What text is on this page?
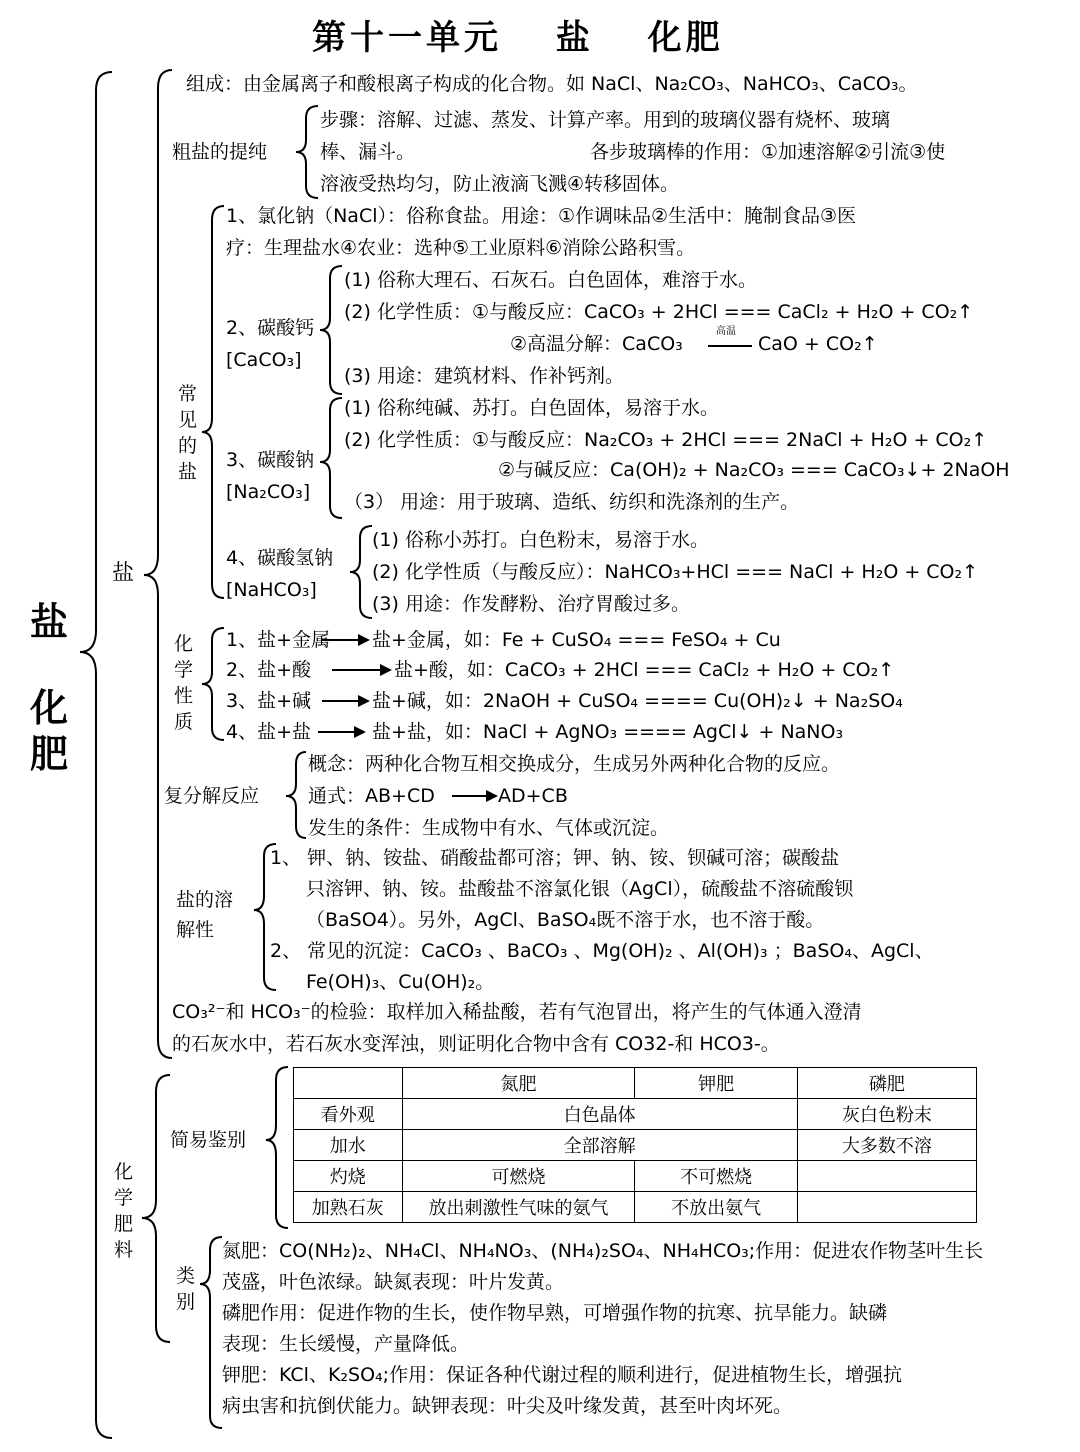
第十一单元　 盐　 化肥
盐
化
肥
盐
组成：由金属离子和酸根离子构成的化合物。如 NaCl、Na₂CO₃、NaHCO₃、CaCO₃。
粗盐的提纯
步骤：溶解、过滤、蒸发、计算产率。用到的玻璃仪器有烧杯、玻璃
棒、漏斗。	各步玻璃棒的作用：①加速溶解②引流③使
溶液受热均匀，防止液滴飞溅④转移固体。
常
见
的
盐
1、氯化钠（NaCl）：俗称食盐。用途：①作调味品②生活中：腌制食品③医
疗：生理盐水④农业：选种⑤工业原料⑥消除公路积雪。
2、碳酸钙
[CaCO₃]
(1) 俗称大理石、石灰石。白色固体，难溶于水。
(2) 化学性质：①与酸反应：CaCO₃ + 2HCl === CaCl₂ + H₂O + CO₂↑
②高温分解：CaCO₃
高温
CaO + CO₂↑
(3) 用途：建筑材料、作补钙剂。
3、碳酸钠
[Na₂CO₃]
(1) 俗称纯碱、苏打。白色固体，易溶于水。
(2) 化学性质：①与酸反应：Na₂CO₃ + 2HCl === 2NaCl + H₂O + CO₂↑
②与碱反应：Ca(OH)₂ + Na₂CO₃ === CaCO₃↓+ 2NaOH
（3） 用途：用于玻璃、造纸、纺织和洗涤剂的生产。
4、碳酸氢钠
[NaHCO₃]
(1) 俗称小苏打。白色粉末，易溶于水。
(2) 化学性质（与酸反应）：NaHCO₃+HCl === NaCl + H₂O + CO₂↑
(3) 用途：作发酵粉、治疗胃酸过多。
化
学
性
质
1、盐+金属 盐+金属，如：Fe + CuSO₄ === FeSO₄ + Cu
2、盐+酸	盐+酸，如：CaCO₃ + 2HCl === CaCl₂ + H₂O + CO₂↑
3、盐+碱	盐+碱，如：2NaOH + CuSO₄ ==== Cu(OH)₂↓ + Na₂SO₄
4、盐+盐	盐+盐，如：NaCl + AgNO₃ ==== AgCl↓ + NaNO₃
复分解反应
概念：两种化合物互相交换成分，生成另外两种化合物的反应。
通式：AB+CD	AD+CB
发生的条件：生成物中有水、气体或沉淀。
盐的溶
解性
1、 钾、钠、铵盐、硝酸盐都可溶；钾、钠、铵、钡碱可溶；碳酸盐
只溶钾、钠、铵。盐酸盐不溶氯化银（AgCl），硫酸盐不溶硫酸钡
（BaSO4）。另外，AgCl、BaSO₄既不溶于水，也不溶于酸。
2、 常见的沉淀：CaCO₃ 、BaCO₃ 、Mg(OH)₂ 、Al(OH)₃ ；BaSO₄、AgCl、
Fe(OH)₃、Cu(OH)₂。
CO₃²⁻和 HCO₃⁻的检验：取样加入稀盐酸，若有气泡冒出，将产生的气体通入澄清
的石灰水中，若石灰水变浑浊，则证明化合物中含有 CO32-和 HCO3-。
化
学
肥
料
简易鉴别
	氮肥	钾肥	磷肥
看外观	白色晶体		灰白色粉末
加水	全部溶解		大多数不溶
灼烧	可燃烧	不可燃烧	
加熟石灰	放出刺激性气味的氨气	不放出氨气	
类
别
氮肥：CO(NH₂)₂、NH₄Cl、NH₄NO₃、(NH₄)₂SO₄、NH₄HCO₃;作用：促进农作物茎叶生长
茂盛，叶色浓绿。缺氮表现：叶片发黄。
磷肥作用：促进作物的生长，使作物早熟，可增强作物的抗寒、抗旱能力。缺磷
表现：生长缓慢，产量降低。
钾肥：KCl、K₂SO₄;作用：保证各种代谢过程的顺利进行，促进植物生长，增强抗
病虫害和抗倒伏能力。缺钾表现：叶尖及叶缘发黄，甚至叶肉坏死。
